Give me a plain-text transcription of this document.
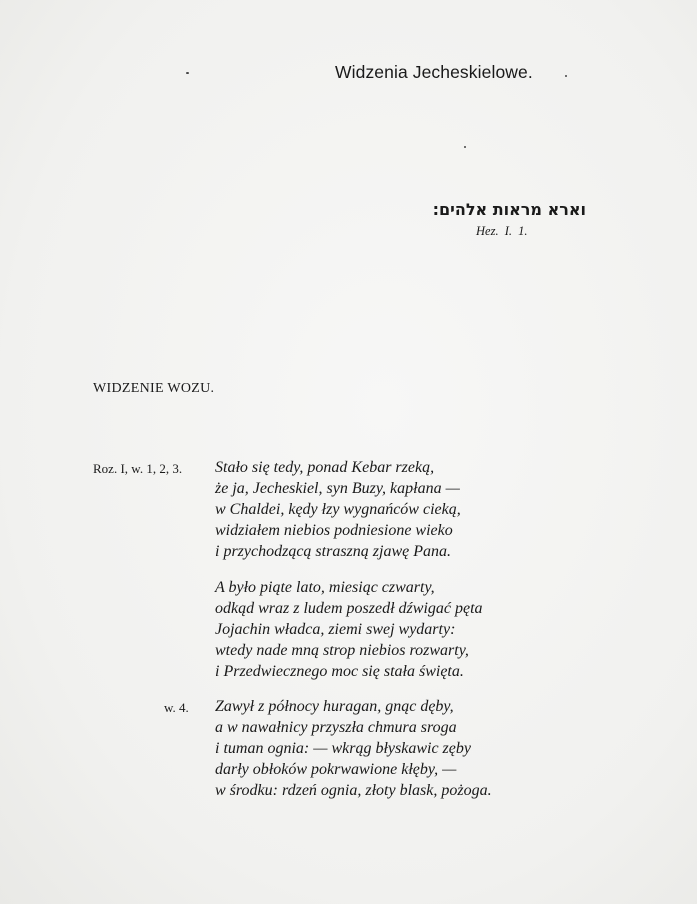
Widzenia Jecheskielowe.
וארא מראות אלהים:
Hez. I. 1.
WIDZENIE WOZU.
Roz. I, w. 1, 2, 3. Stało się tedy, ponad Kebar rzeką,
że ja, Jecheskiel, syn Buzy, kapłana —
w Chaldei, kędy łzy wygnańców cieką,
widziałem niebios podniesione wieko
i przychodzącą straszną zjawę Pana.
A było piąte lato, miesiąc czwarty,
odkąd wraz z ludem poszedł dźwigać pęta
Jojachin władca, ziemi swej wydarty:
wtedy nade mną strop niebios rozwarty,
i Przedwiecznego moc się stała święta.
w. 4. Zawył z północy huragan, gnąc dęby,
a w nawałnicy przyszła chmura sroga
i tuman ognia: — wkrąg błyskawic zęby
darły obłoków pokrwawione kłęby, —
w środku: rdzeń ognia, złoty blask, pożoga.
